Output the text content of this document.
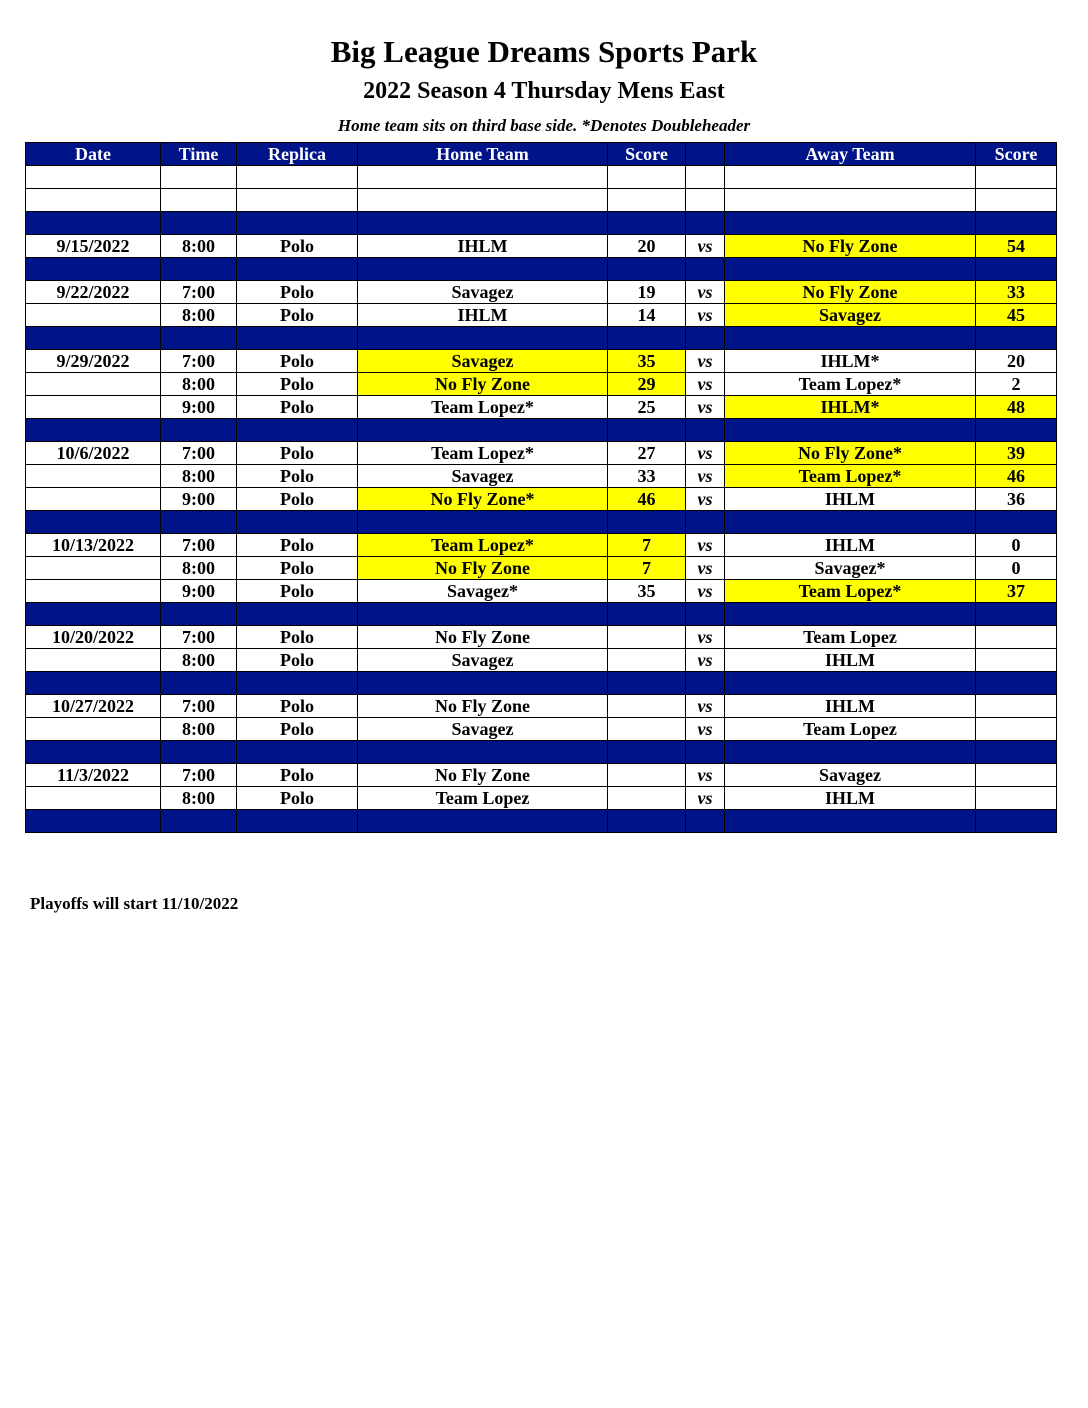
Big League Dreams Sports Park
2022 Season 4 Thursday Mens East
Home team sits on third base side. *Denotes Doubleheader
Date	Time	Replica	Home Team	Score		Away Team	Score

9/15/2022	8:00	Polo	IHLM	20	vs	No Fly Zone	54

9/22/2022	7:00	Polo	Savagez	19	vs	No Fly Zone	33
	8:00	Polo	IHLM	14	vs	Savagez	45

9/29/2022	7:00	Polo	Savagez	35	vs	IHLM*	20
	8:00	Polo	No Fly Zone	29	vs	Team Lopez*	2
	9:00	Polo	Team Lopez*	25	vs	IHLM*	48

10/6/2022	7:00	Polo	Team Lopez*	27	vs	No Fly Zone*	39
	8:00	Polo	Savagez	33	vs	Team Lopez*	46
	9:00	Polo	No Fly Zone*	46	vs	IHLM	36

10/13/2022	7:00	Polo	Team Lopez*	7	vs	IHLM	0
	8:00	Polo	No Fly Zone	7	vs	Savagez*	0
	9:00	Polo	Savagez*	35	vs	Team Lopez*	37

10/20/2022	7:00	Polo	No Fly Zone		vs	Team Lopez	
	8:00	Polo	Savagez		vs	IHLM	

10/27/2022	7:00	Polo	No Fly Zone		vs	IHLM	
	8:00	Polo	Savagez		vs	Team Lopez	

11/3/2022	7:00	Polo	No Fly Zone		vs	Savagez	
	8:00	Polo	Team Lopez		vs	IHLM	

Playoffs will start 11/10/2022
